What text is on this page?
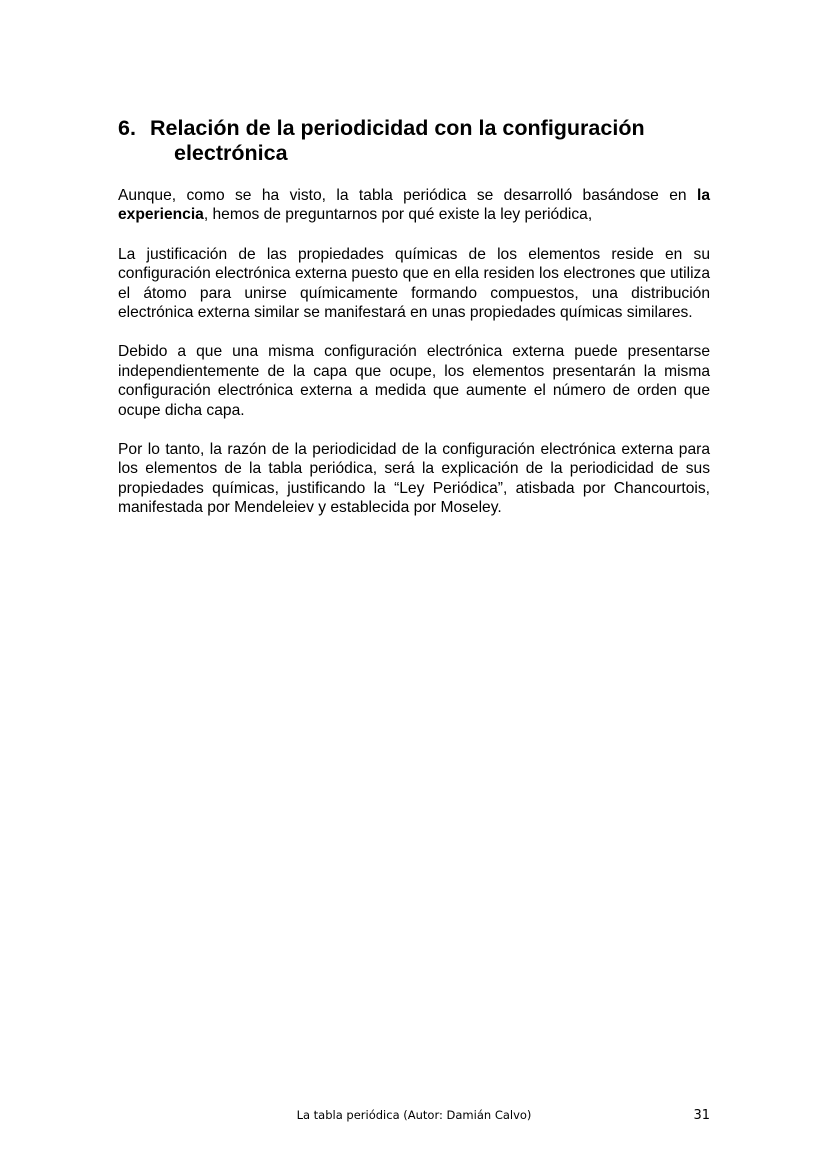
6. Relación de la periodicidad con la configuración
electrónica

Aunque, como se ha visto, la tabla periódica se desarrolló basándose en la experiencia, hemos de preguntarnos por qué existe la ley periódica,

La justificación de las propiedades químicas de los elementos reside en su configuración electrónica externa puesto que en ella residen los electrones que utiliza el átomo para unirse químicamente formando compuestos, una distribución electrónica externa similar se manifestará en unas propiedades químicas similares.

Debido a que una misma configuración electrónica externa puede presentarse independientemente de la capa que ocupe, los elementos presentarán la misma configuración electrónica externa a medida que aumente el número de orden que ocupe dicha capa.

Por lo tanto, la razón de la periodicidad de la configuración electrónica externa para los elementos de la tabla periódica, será la explicación de la periodicidad de sus propiedades químicas, justificando la “Ley Periódica”, atisbada por Chancourtois, manifestada por Mendeleiev y establecida por Moseley.

La tabla periódica (Autor: Damián Calvo)	31
